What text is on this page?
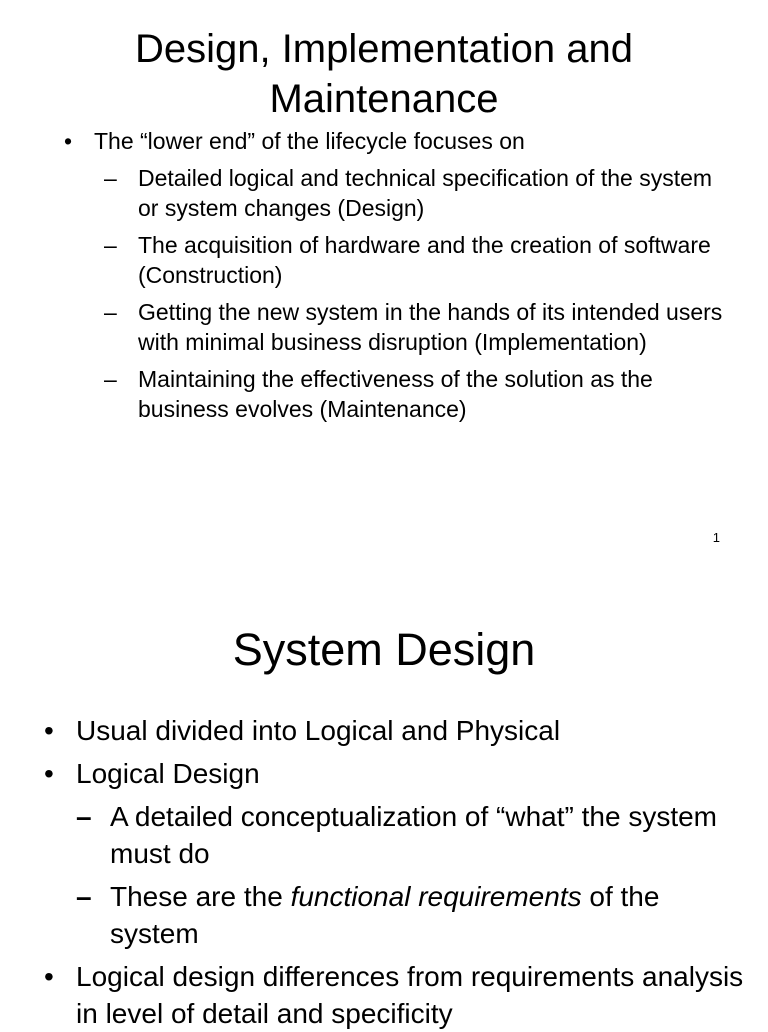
Design, Implementation and
Maintenance
• The “lower end” of the lifecycle focuses on
– Detailed logical and technical specification of the system or system changes (Design)
– The acquisition of hardware and the creation of software (Construction)
– Getting the new system in the hands of its intended users with minimal business disruption (Implementation)
– Maintaining the effectiveness of the solution as the business evolves (Maintenance)
1
System Design
• Usual divided into Logical and Physical
• Logical Design
– A detailed conceptualization of “what” the system must do
– These are the functional requirements of the system
• Logical design differences from requirements analysis in level of detail and specificity
